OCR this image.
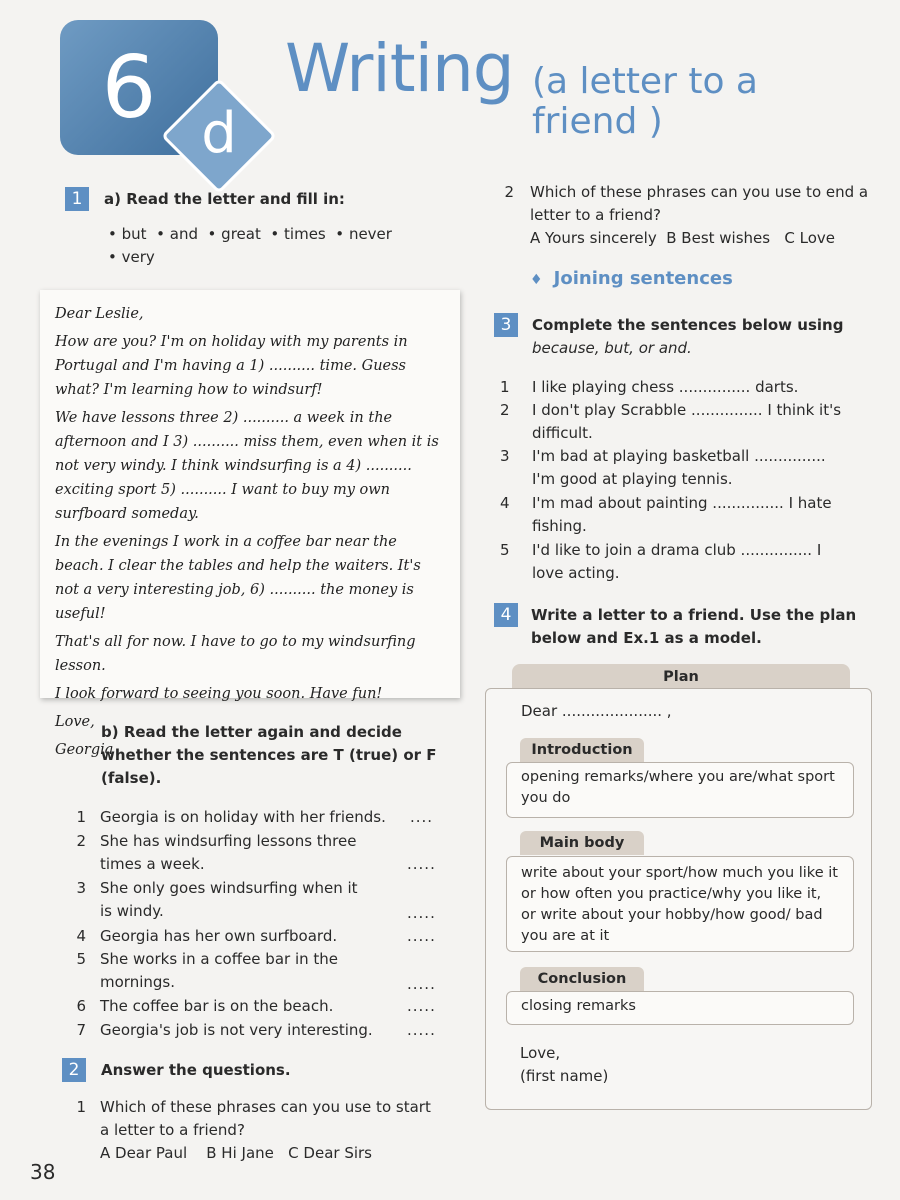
6 d
Writing (a letter to a friend )
1	a) Read the letter and fill in:
• but • and • great • times • never
• very

Dear Leslie,

How are you? I'm on holiday with my parents in Portugal and I'm having a 1) .......... time. Guess what? I'm learning how to windsurf!

We have lessons three 2) .......... a week in the afternoon and I 3) .......... miss them, even when it is not very windy. I think windsurfing is a 4) .......... exciting sport 5) .......... I want to buy my own surfboard someday.

In the evenings I work in a coffee bar near the beach. I clear the tables and help the waiters. It's not a very interesting job, 6) .......... the money is useful!

That's all for now. I have to go to my windsurfing lesson.

I look forward to seeing you soon. Have fun!

Love,

Georgia

b) Read the letter again and decide
whether the sentences are T (true) or F
(false).
1 Georgia is on holiday with her friends. ....
2 She has windsurfing lessons three
times a week.	.....
3 She only goes windsurfing when it
is windy.	.....
4 Georgia has her own surfboard.	.....
5 She works in a coffee bar in the
mornings.	.....
6 The coffee bar is on the beach.	.....
7 Georgia's job is not very interesting. .....
2	Answer the questions.
1 Which of these phrases can you use to start
a letter to a friend?
A Dear Paul    B Hi Jane   C Dear Sirs
2 Which of these phrases can you use to end a
letter to a friend?
A Yours sincerely  B Best wishes   C Love
♦ Joining sentences
3	Complete the sentences below using
because, but, or and.
1 I like playing chess ............... darts.
2 I don't play Scrabble ............... I think it's
difficult.
3 I'm bad at playing basketball ...............
I'm good at playing tennis.
4 I'm mad about painting ............... I hate
fishing.
5 I'd like to join a drama club ............... I
love acting.
4	Write a letter to a friend. Use the plan
below and Ex.1 as a model.
Plan
Dear ..................... ,
Introduction
opening remarks/where you are/what sport you do
Main body
write about your sport/how much you like it or how often you practice/why you like it, or write about your hobby/how good/ bad you are at it
Conclusion
closing remarks
Love,
(first name)
38
